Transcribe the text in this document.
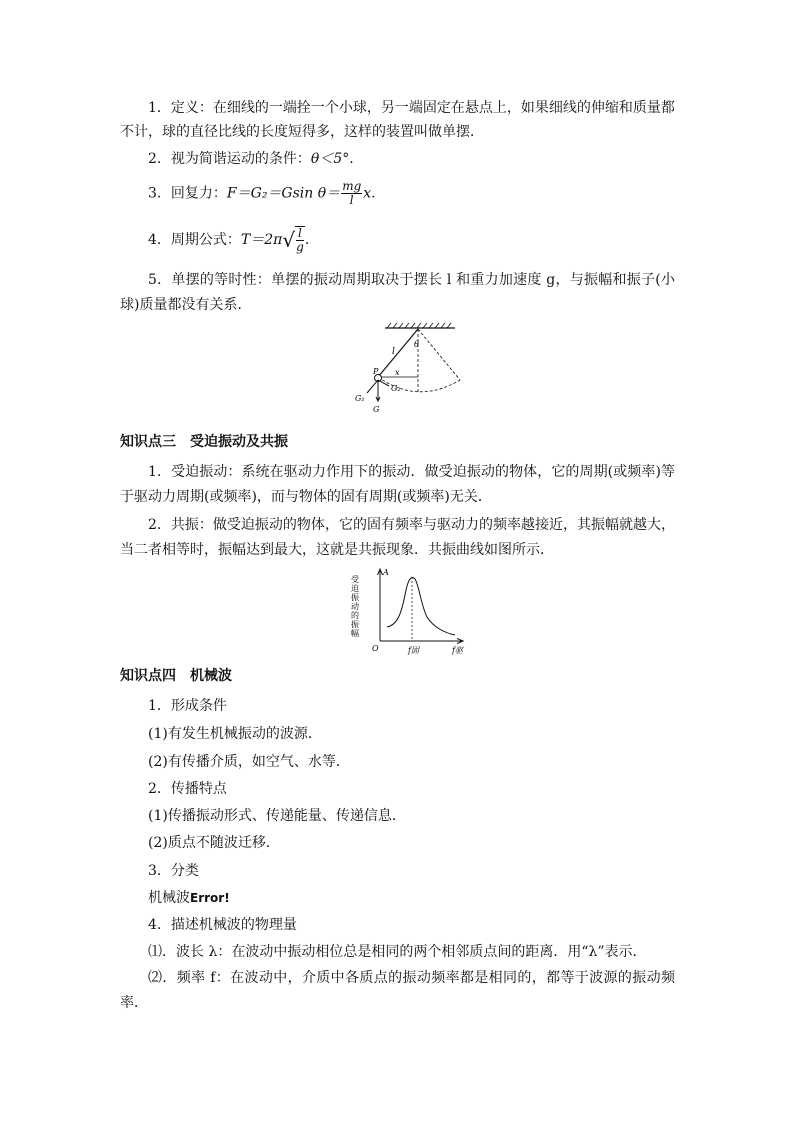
1．定义：在细线的一端拴一个小球，另一端固定在悬点上，如果细线的伸缩和质量都
不计，球的直径比线的长度短得多，这样的装置叫做单摆．
2．视为简谐运动的条件：θ＜5°.
3．回复力：F＝G₂＝Gsin $\theta= \frac{mg}{l} x$.
4．周期公式：$T=2\pi√ \frac{l}{g}$ .
5．单摆的等时性：单摆的振动周期取决于摆长 l 和重力加速度 g，与振幅和振子(小球)质量都没有关系．
l
θ
P x
G₂
G₁
G
知识点三　受迫振动及共振
1．受迫振动：系统在驱动力作用下的振动．做受迫振动的物体，它的周期(或频率)等于驱动力周期(或频率)，而与物体的固有周期(或频率)无关．
2．共振：做受迫振动的物体，它的固有频率与驱动力的频率越接近，其振幅就越大，当二者相等时，振幅达到最大，这就是共振现象．共振曲线如图所示．
受迫振动的振幅
A
O	f固	f驱
知识点四　机械波
1．形成条件
(1)有发生机械振动的波源．
(2)有传播介质，如空气、水等．
2．传播特点
(1)传播振动形式、传递能量、传递信息．
(2)质点不随波迁移．
3．分类
机械波Error!
4．描述机械波的物理量
⑴．波长 λ：在波动中振动相位总是相同的两个相邻质点间的距离．用“λ”表示．
⑵．频率 f：在波动中，介质中各质点的振动频率都是相同的，都等于波源的振动频率．
